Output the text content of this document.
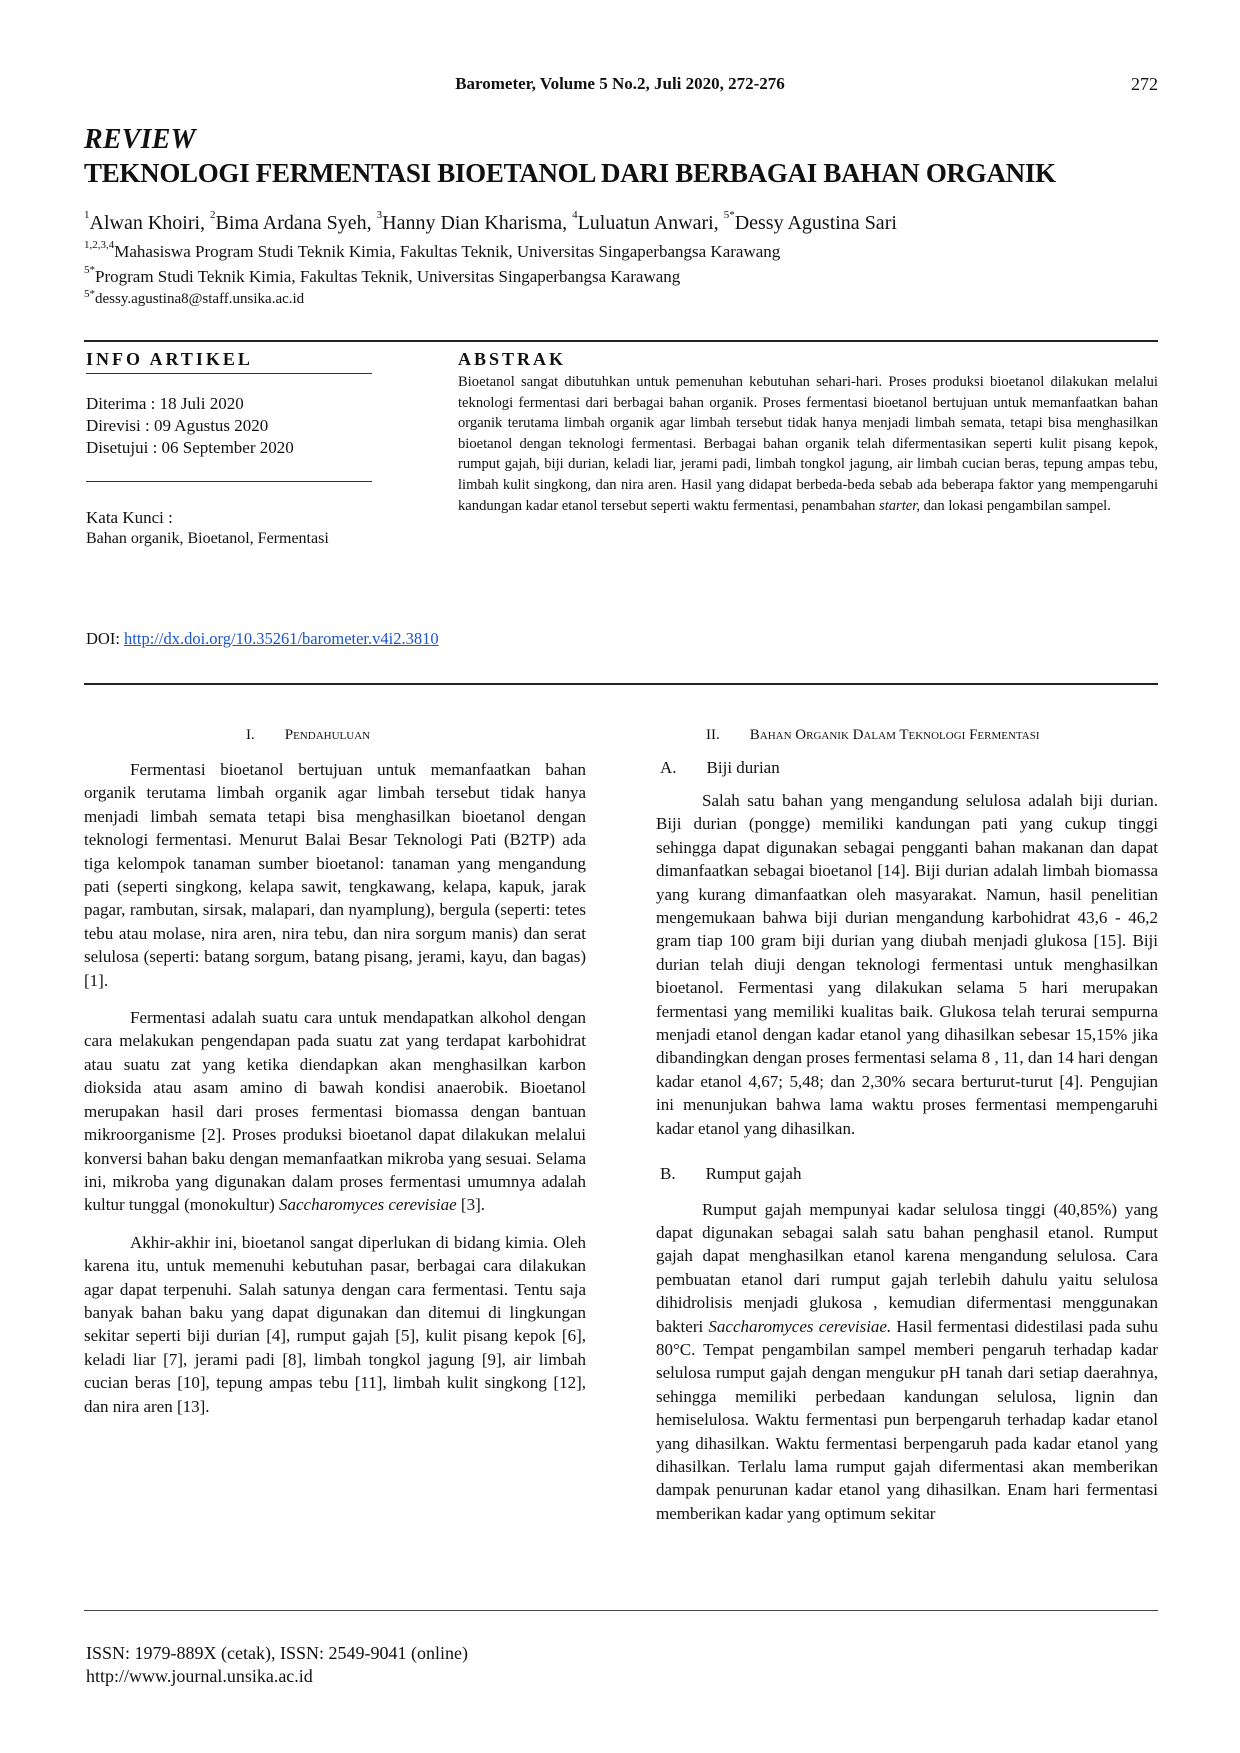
Barometer, Volume 5 No.2, Juli 2020, 272-276	272
REVIEW
TEKNOLOGI FERMENTASI BIOETANOL DARI BERBAGAI BAHAN ORGANIK
$^1$Alwan Khoiri, $^2$Bima Ardana Syeh, $^3$Hanny Dian Kharisma, $^4$Luluatun Anwari, $^{5*}$Dessy Agustina Sari
$^{1,2,3,4}$Mahasiswa Program Studi Teknik Kimia, Fakultas Teknik, Universitas Singaperbangsa Karawang
$^{5*}$Program Studi Teknik Kimia, Fakultas Teknik, Universitas Singaperbangsa Karawang
$^{5*}$dessy.agustina8@staff.unsika.ac.id
INFO ARTIKEL
Diterima : 18 Juli 2020
Direvisi : 09 Agustus 2020
Disetujui : 06 September 2020
Kata Kunci :
Bahan organik, Bioetanol, Fermentasi
ABSTRAK
Bioetanol sangat dibutuhkan untuk pemenuhan kebutuhan sehari-hari. Proses produksi bioetanol dilakukan melalui teknologi fermentasi dari berbagai bahan organik. Proses fermentasi bioetanol bertujuan untuk memanfaatkan bahan organik terutama limbah organik agar limbah tersebut tidak hanya menjadi limbah semata, tetapi bisa menghasilkan bioetanol dengan teknologi fermentasi. Berbagai bahan organik telah difermentasikan seperti kulit pisang kepok, rumput gajah, biji durian, keladi liar, jerami padi, limbah tongkol jagung, air limbah cucian beras, tepung ampas tebu, limbah kulit singkong, dan nira aren. Hasil yang didapat berbeda-beda sebab ada beberapa faktor yang mempengaruhi kandungan kadar etanol tersebut seperti waktu fermentasi, penambahan starter, dan lokasi pengambilan sampel.
DOI: http://dx.doi.org/10.35261/barometer.v4i2.3810
I. Pendahuluan

Fermentasi bioetanol bertujuan untuk memanfaatkan bahan organik terutama limbah organik agar limbah tersebut tidak hanya menjadi limbah semata tetapi bisa menghasilkan bioetanol dengan teknologi fermentasi. Menurut Balai Besar Teknologi Pati (B2TP) ada tiga kelompok tanaman sumber bioetanol: tanaman yang mengandung pati (seperti singkong, kelapa sawit, tengkawang, kelapa, kapuk, jarak pagar, rambutan, sirsak, malapari, dan nyamplung), bergula (seperti: tetes tebu atau molase, nira aren, nira tebu, dan nira sorgum manis) dan serat selulosa (seperti: batang sorgum, batang pisang, jerami, kayu, dan bagas) [1].

Fermentasi adalah suatu cara untuk mendapatkan alkohol dengan cara melakukan pengendapan pada suatu zat yang terdapat karbohidrat atau suatu zat yang ketika diendapkan akan menghasilkan karbon dioksida atau asam amino di bawah kondisi anaerobik. Bioetanol merupakan hasil dari proses fermentasi biomassa dengan bantuan mikroorganisme [2]. Proses produksi bioetanol dapat dilakukan melalui konversi bahan baku dengan memanfaatkan mikroba yang sesuai. Selama ini, mikroba yang digunakan dalam proses fermentasi umumnya adalah kultur tunggal (monokultur) Saccharomyces cerevisiae [3].

Akhir-akhir ini, bioetanol sangat diperlukan di bidang kimia. Oleh karena itu, untuk memenuhi kebutuhan pasar, berbagai cara dilakukan agar dapat terpenuhi. Salah satunya dengan cara fermentasi. Tentu saja banyak bahan baku yang dapat digunakan dan ditemui di lingkungan sekitar seperti biji durian [4], rumput gajah [5], kulit pisang kepok [6], keladi liar [7], jerami padi [8], limbah tongkol jagung [9], air limbah cucian beras [10], tepung ampas tebu [11], limbah kulit singkong [12], dan nira aren [13].

II. Bahan Organik Dalam Teknologi Fermentasi
A. Biji durian

Salah satu bahan yang mengandung selulosa adalah biji durian. Biji durian (pongge) memiliki kandungan pati yang cukup tinggi sehingga dapat digunakan sebagai pengganti bahan makanan dan dapat dimanfaatkan sebagai bioetanol [14]. Biji durian adalah limbah biomassa yang kurang dimanfaatkan oleh masyarakat. Namun, hasil penelitian mengemukaan bahwa biji durian mengandung karbohidrat 43,6 - 46,2 gram tiap 100 gram biji durian yang diubah menjadi glukosa [15]. Biji durian telah diuji dengan teknologi fermentasi untuk menghasilkan bioetanol. Fermentasi yang dilakukan selama 5 hari merupakan fermentasi yang memiliki kualitas baik. Glukosa telah terurai sempurna menjadi etanol dengan kadar etanol yang dihasilkan sebesar 15,15% jika dibandingkan dengan proses fermentasi selama 8 , 11, dan 14 hari dengan kadar etanol 4,67; 5,48; dan 2,30% secara berturut-turut [4]. Pengujian ini menunjukan bahwa lama waktu proses fermentasi mempengaruhi kadar etanol yang dihasilkan.

B. Rumput gajah

Rumput gajah mempunyai kadar selulosa tinggi (40,85%) yang dapat digunakan sebagai salah satu bahan penghasil etanol. Rumput gajah dapat menghasilkan etanol karena mengandung selulosa. Cara pembuatan etanol dari rumput gajah terlebih dahulu yaitu selulosa dihidrolisis menjadi glukosa , kemudian difermentasi menggunakan bakteri Saccharomyces cerevisiae. Hasil fermentasi didestilasi pada suhu 80°C. Tempat pengambilan sampel memberi pengaruh terhadap kadar selulosa rumput gajah dengan mengukur pH tanah dari setiap daerahnya, sehingga memiliki perbedaan kandungan selulosa, lignin dan hemiselulosa. Waktu fermentasi pun berpengaruh terhadap kadar etanol yang dihasilkan. Waktu fermentasi berpengaruh pada kadar etanol yang dihasilkan. Terlalu lama rumput gajah difermentasi akan memberikan dampak penurunan kadar etanol yang dihasilkan. Enam hari fermentasi memberikan kadar yang optimum sekitar

ISSN: 1979-889X (cetak), ISSN: 2549-9041 (online)
http://www.journal.unsika.ac.id
